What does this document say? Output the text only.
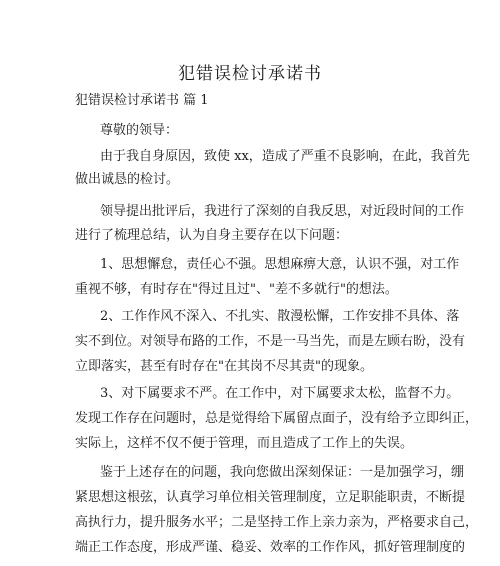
犯错误检讨承诺书
犯错误检讨承诺书 篇 1
尊敬的领导：
由于我自身原因，致使 xx，造成了严重不良影响，在此，我首先
做出诚恳的检讨。
领导提出批评后，我进行了深刻的自我反思，对近段时间的工作
进行了梳理总结，认为自身主要存在以下问题：
1、思想懈怠，责任心不强。思想麻痹大意，认识不强，对工作
重视不够，有时存在"得过且过"、"差不多就行"的想法。
2、工作作风不深入、不扎实、散漫松懈，工作安排不具体、落
实不到位。对领导布路的工作，不是一马当先，而是左顾右盼，没有
立即落实，甚至有时存在"在其岗不尽其责"的现象。
3、对下属要求不严。在工作中，对下属要求太松，监督不力。
发现工作存在问题时，总是觉得给下属留点面子，没有给予立即纠正，
实际上，这样不仅不便于管理，而且造成了工作上的失误。
鉴于上述存在的问题，我向您做出深刻保证：一是加强学习，绷
紧思想这根弦，认真学习单位相关管理制度，立足职能职责，不断提
高执行力，提升服务水平；二是坚持工作上亲力亲为，严格要求自己，
端正工作态度，形成严谨、稳妥、效率的工作作风，抓好管理制度的
